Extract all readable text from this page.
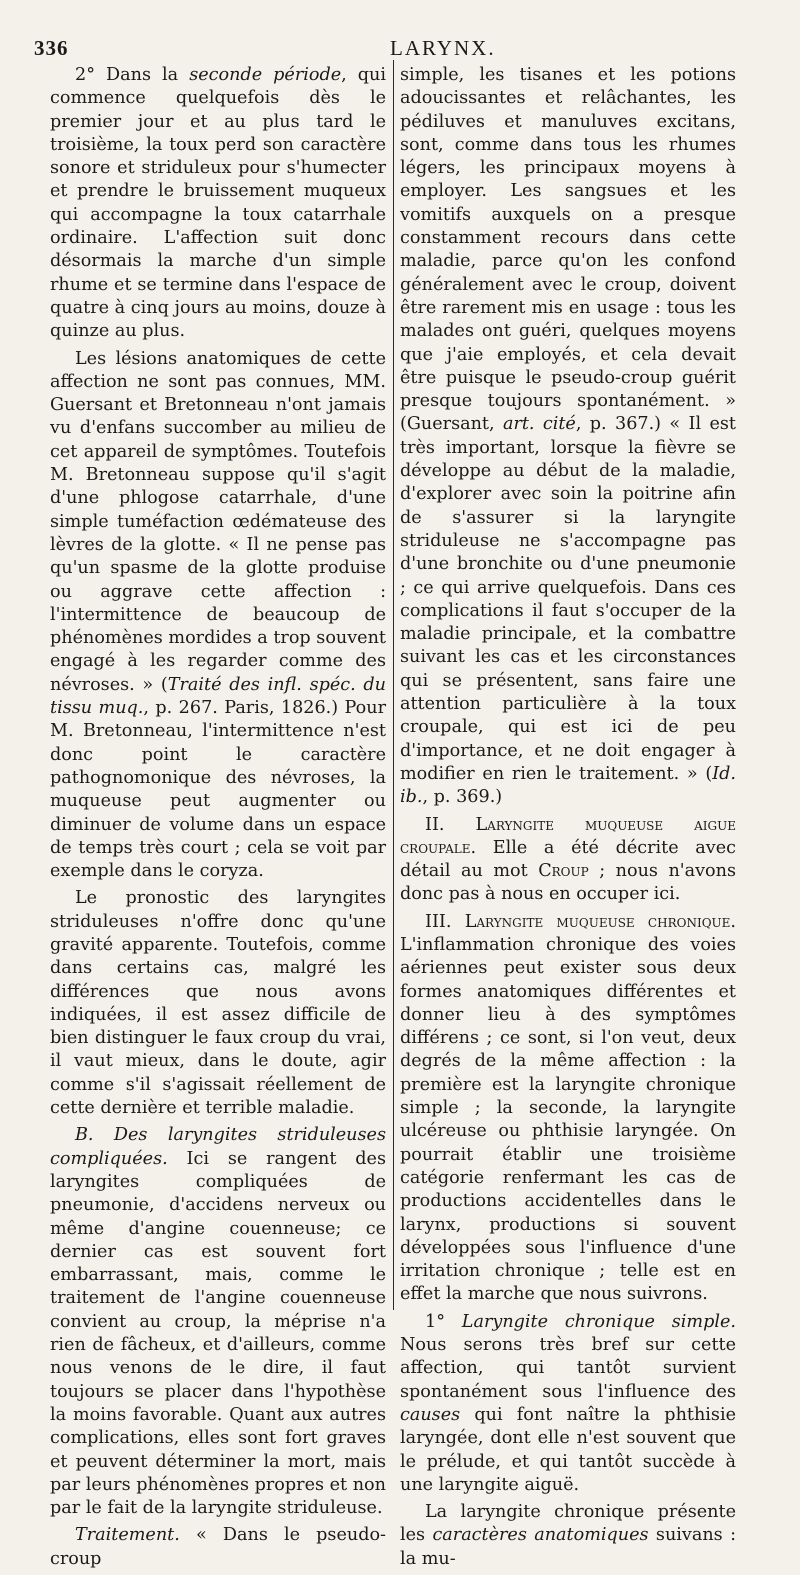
336	LARYNX.

2° Dans la seconde période, qui commence quelquefois dès le premier jour et au plus tard le troisième, la toux perd son caractère sonore et striduleux pour s'humecter et prendre le bruissement muqueux qui accompagne la toux catarrhale ordinaire. L'affection suit donc désormais la marche d'un simple rhume et se termine dans l'espace de quatre à cinq jours au moins, douze à quinze au plus.

Les lésions anatomiques de cette affection ne sont pas connues, MM. Guersant et Bretonneau n'ont jamais vu d'enfans succomber au milieu de cet appareil de symptômes. Toutefois M. Bretonneau suppose qu'il s'agit d'une phlogose catarrhale, d'une simple tuméfaction œdémateuse des lèvres de la glotte. « Il ne pense pas qu'un spasme de la glotte produise ou aggrave cette affection : l'intermittence de beaucoup de phénomènes mordides a trop souvent engagé à les regarder comme des névroses. » (Traité des infl. spéc. du tissu muq., p. 267. Paris, 1826.) Pour M. Bretonneau, l'intermittence n'est donc point le caractère pathognomonique des névroses, la muqueuse peut augmenter ou diminuer de volume dans un espace de temps très court ; cela se voit par exemple dans le coryza.

Le pronostic des laryngites striduleuses n'offre donc qu'une gravité apparente. Toutefois, comme dans certains cas, malgré les différences que nous avons indiquées, il est assez difficile de bien distinguer le faux croup du vrai, il vaut mieux, dans le doute, agir comme s'il s'agissait réellement de cette dernière et terrible maladie.

B. Des laryngites striduleuses compliquées. Ici se rangent des laryngites compliquées de pneumonie, d'accidens nerveux ou même d'angine couenneuse; ce dernier cas est souvent fort embarrassant, mais, comme le traitement de l'angine couenneuse convient au croup, la méprise n'a rien de fâcheux, et d'ailleurs, comme nous venons de le dire, il faut toujours se placer dans l'hypothèse la moins favorable. Quant aux autres complications, elles sont fort graves et peuvent déterminer la mort, mais par leurs phénomènes propres et non par le fait de la laryngite striduleuse.

Traitement. « Dans le pseudo-croup

simple, les tisanes et les potions adoucissantes et relâchantes, les pédiluves et manuluves excitans, sont, comme dans tous les rhumes légers, les principaux moyens à employer. Les sangsues et les vomitifs auxquels on a presque constamment recours dans cette maladie, parce qu'on les confond généralement avec le croup, doivent être rarement mis en usage : tous les malades ont guéri, quelques moyens que j'aie employés, et cela devait être puisque le pseudo-croup guérit presque toujours spontanément. » (Guersant, art. cité, p. 367.) « Il est très important, lorsque la fièvre se développe au début de la maladie, d'explorer avec soin la poitrine afin de s'assurer si la laryngite striduleuse ne s'accompagne pas d'une bronchite ou d'une pneumonie ; ce qui arrive quelquefois. Dans ces complications il faut s'occuper de la maladie principale, et la combattre suivant les cas et les circonstances qui se présentent, sans faire une attention particulière à la toux croupale, qui est ici de peu d'importance, et ne doit engager à modifier en rien le traitement. » (Id. ib., p. 369.)

II. Laryngite muqueuse aigue croupale. Elle a été décrite avec détail au mot Croup ; nous n'avons donc pas à nous en occuper ici.

III. Laryngite muqueuse chronique. L'inflammation chronique des voies aériennes peut exister sous deux formes anatomiques différentes et donner lieu à des symptômes différens ; ce sont, si l'on veut, deux degrés de la même affection : la première est la laryngite chronique simple ; la seconde, la laryngite ulcéreuse ou phthisie laryngée. On pourrait établir une troisième catégorie renfermant les cas de productions accidentelles dans le larynx, productions si souvent développées sous l'influence d'une irritation chronique ; telle est en effet la marche que nous suivrons.

1° Laryngite chronique simple. Nous serons très bref sur cette affection, qui tantôt survient spontanément sous l'influence des causes qui font naître la phthisie laryngée, dont elle n'est souvent que le prélude, et qui tantôt succède à une laryngite aiguë.

La laryngite chronique présente les caractères anatomiques suivans : la mu-
